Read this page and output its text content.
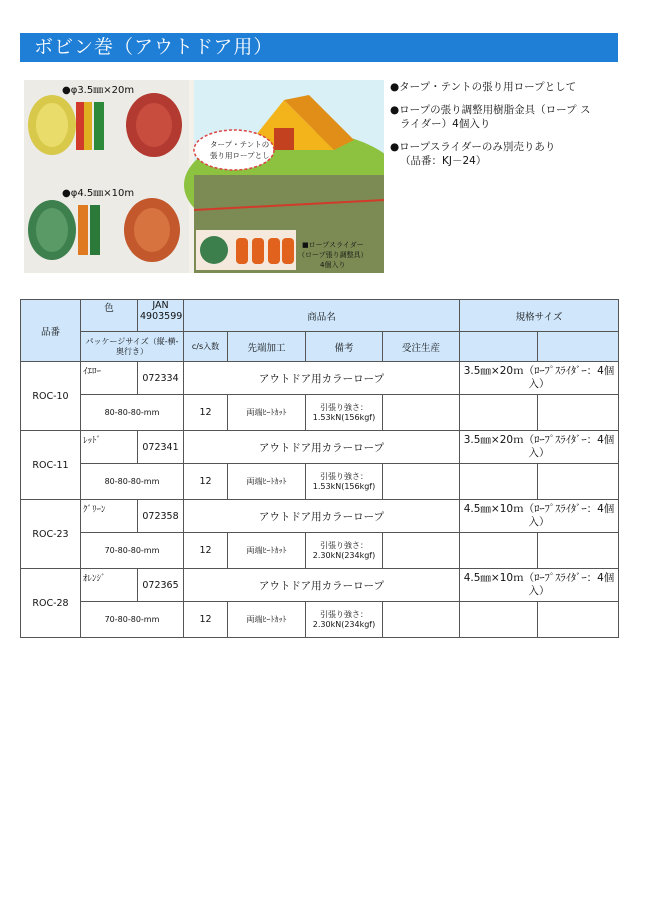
ボビン巻（アウトドア用）
●φ3.5㎜×20m
●φ4.5㎜×10m
タープ・テントの
張り用ロープとし
■ロープスライダー
（ロープ張り調整具）
4個入り
●タープ・テントの張り用ロープとして
●ロープの張り調整用樹脂金具（ロープ ス
ライダー）4個入り
●ロープスライダーのみ別売りあり
（品番：KJ－24）
品番	色	JAN 4903599	商品名				規格サイズ	
	パッケージサイズ（縦-横-奥行き）		c/s入数	先端加工	備考	受注生産		
ROC-10	ｲｴﾛｰ	072334	アウトドア用カラーロープ				3.5㎜×20ｍ（ﾛｰﾌﾟｽﾗｲﾀﾞｰ：4個入）	
	80-80-80-mm		12	両端ﾋｰﾄｶｯﾄ	引張り強さ：1.53kN(156kgf)			
ROC-11	ﾚｯﾄﾞ	072341	アウトドア用カラーロープ				3.5㎜×20ｍ（ﾛｰﾌﾟｽﾗｲﾀﾞｰ：4個入）	
	80-80-80-mm		12	両端ﾋｰﾄｶｯﾄ	引張り強さ：1.53kN(156kgf)			
ROC-23	ｸﾞﾘｰﾝ	072358	アウトドア用カラーロープ				4.5㎜×10ｍ（ﾛｰﾌﾟｽﾗｲﾀﾞｰ：4個入）	
	70-80-80-mm		12	両端ﾋｰﾄｶｯﾄ	引張り強さ：2.30kN(234kgf)			
ROC-28	ｵﾚﾝｼﾞ	072365	アウトドア用カラーロープ				4.5㎜×10ｍ（ﾛｰﾌﾟｽﾗｲﾀﾞｰ：4個入）	
	70-80-80-mm		12	両端ﾋｰﾄｶｯﾄ	引張り強さ：2.30kN(234kgf)			
